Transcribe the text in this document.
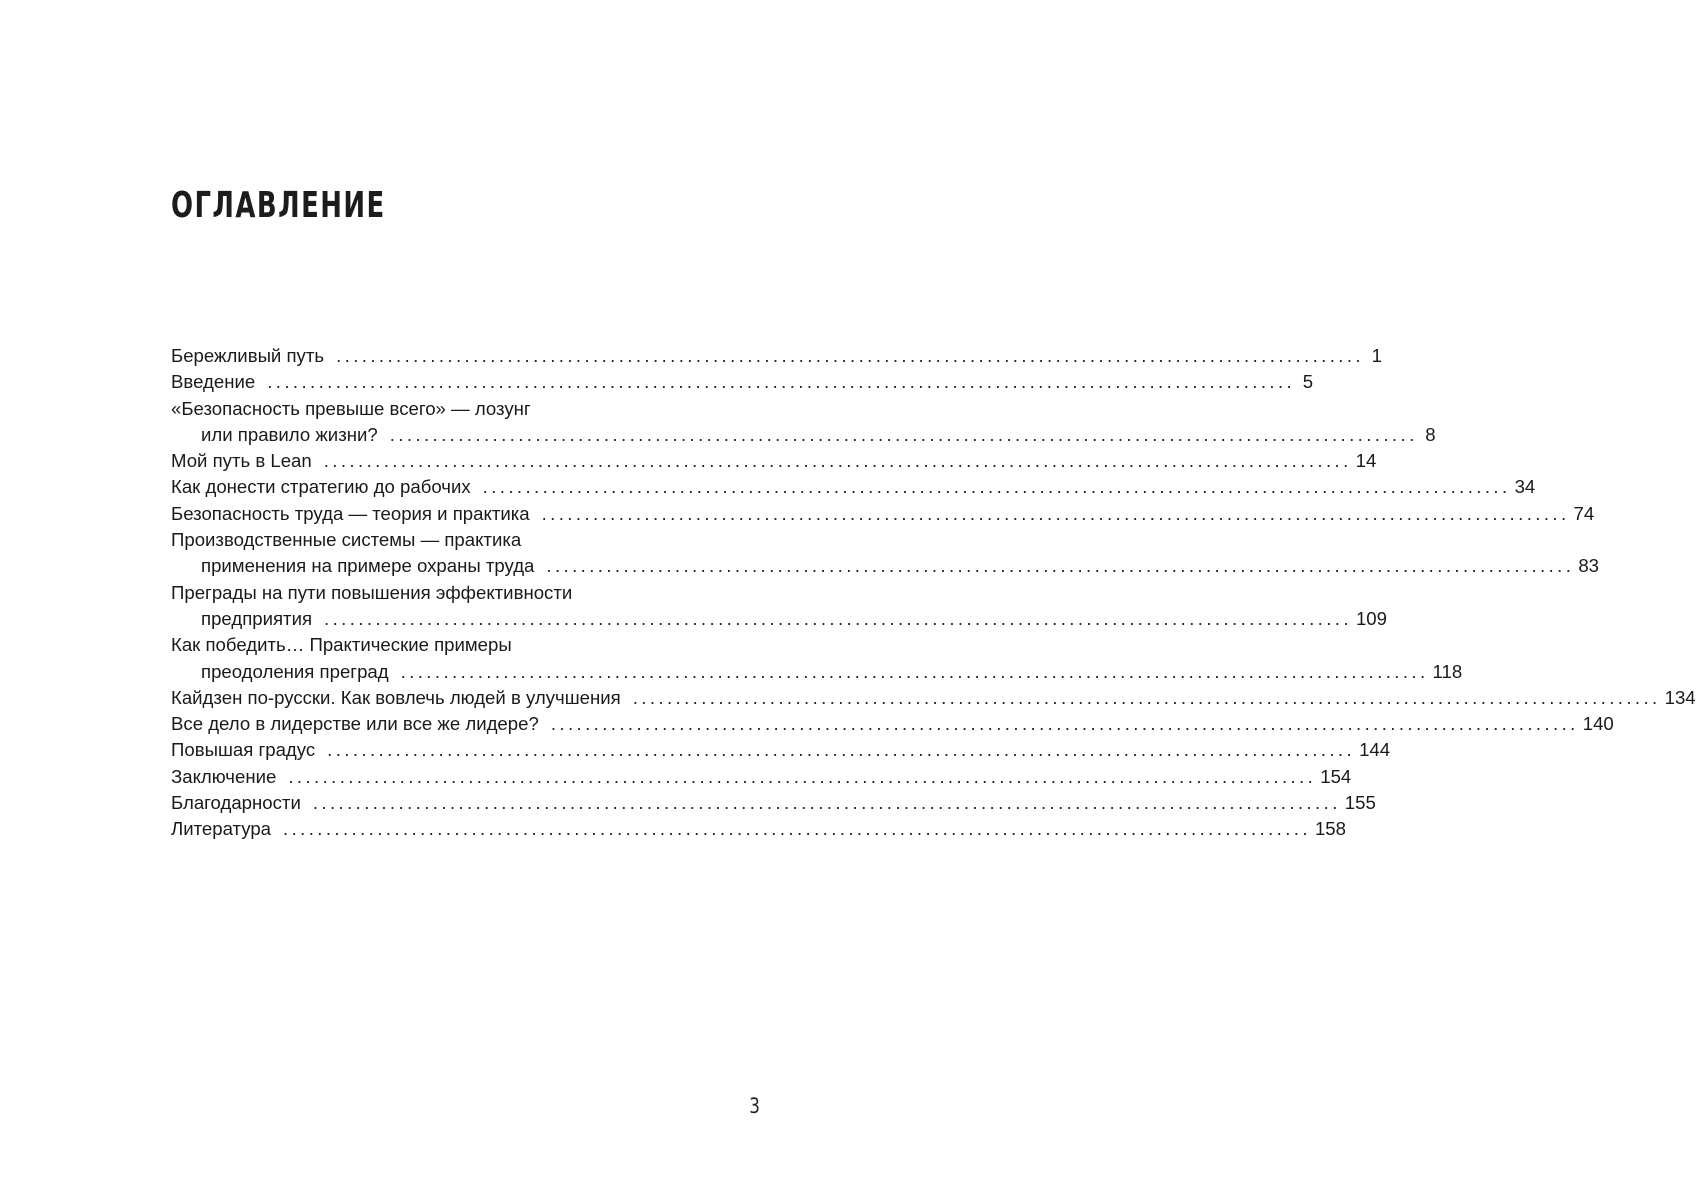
ОГЛАВЛЕНИЕ
Бережливый путь ........................................................................................................................ 1
Введение ........................................................................................................................ 5
«Безопасность превыше всего» — лозунг
или правило жизни? ........................................................................................................................ 8
Мой путь в Lean ........................................................................................................................ 14
Как донести стратегию до рабочих ........................................................................................................................ 34
Безопасность труда — теория и практика ........................................................................................................................ 74
Производственные системы — практика
применения на примере охраны труда ........................................................................................................................ 83
Преграды на пути повышения эффективности
предприятия ........................................................................................................................ 109
Как победить… Практические примеры
преодоления преград ........................................................................................................................ 118
Кайдзен по-русски. Как вовлечь людей в улучшения ........................................................................................................................ 134
Все дело в лидерстве или все же лидере? ........................................................................................................................ 140
Повышая градус ........................................................................................................................ 144
Заключение ........................................................................................................................ 154
Благодарности ........................................................................................................................ 155
Литература ........................................................................................................................ 158
3
